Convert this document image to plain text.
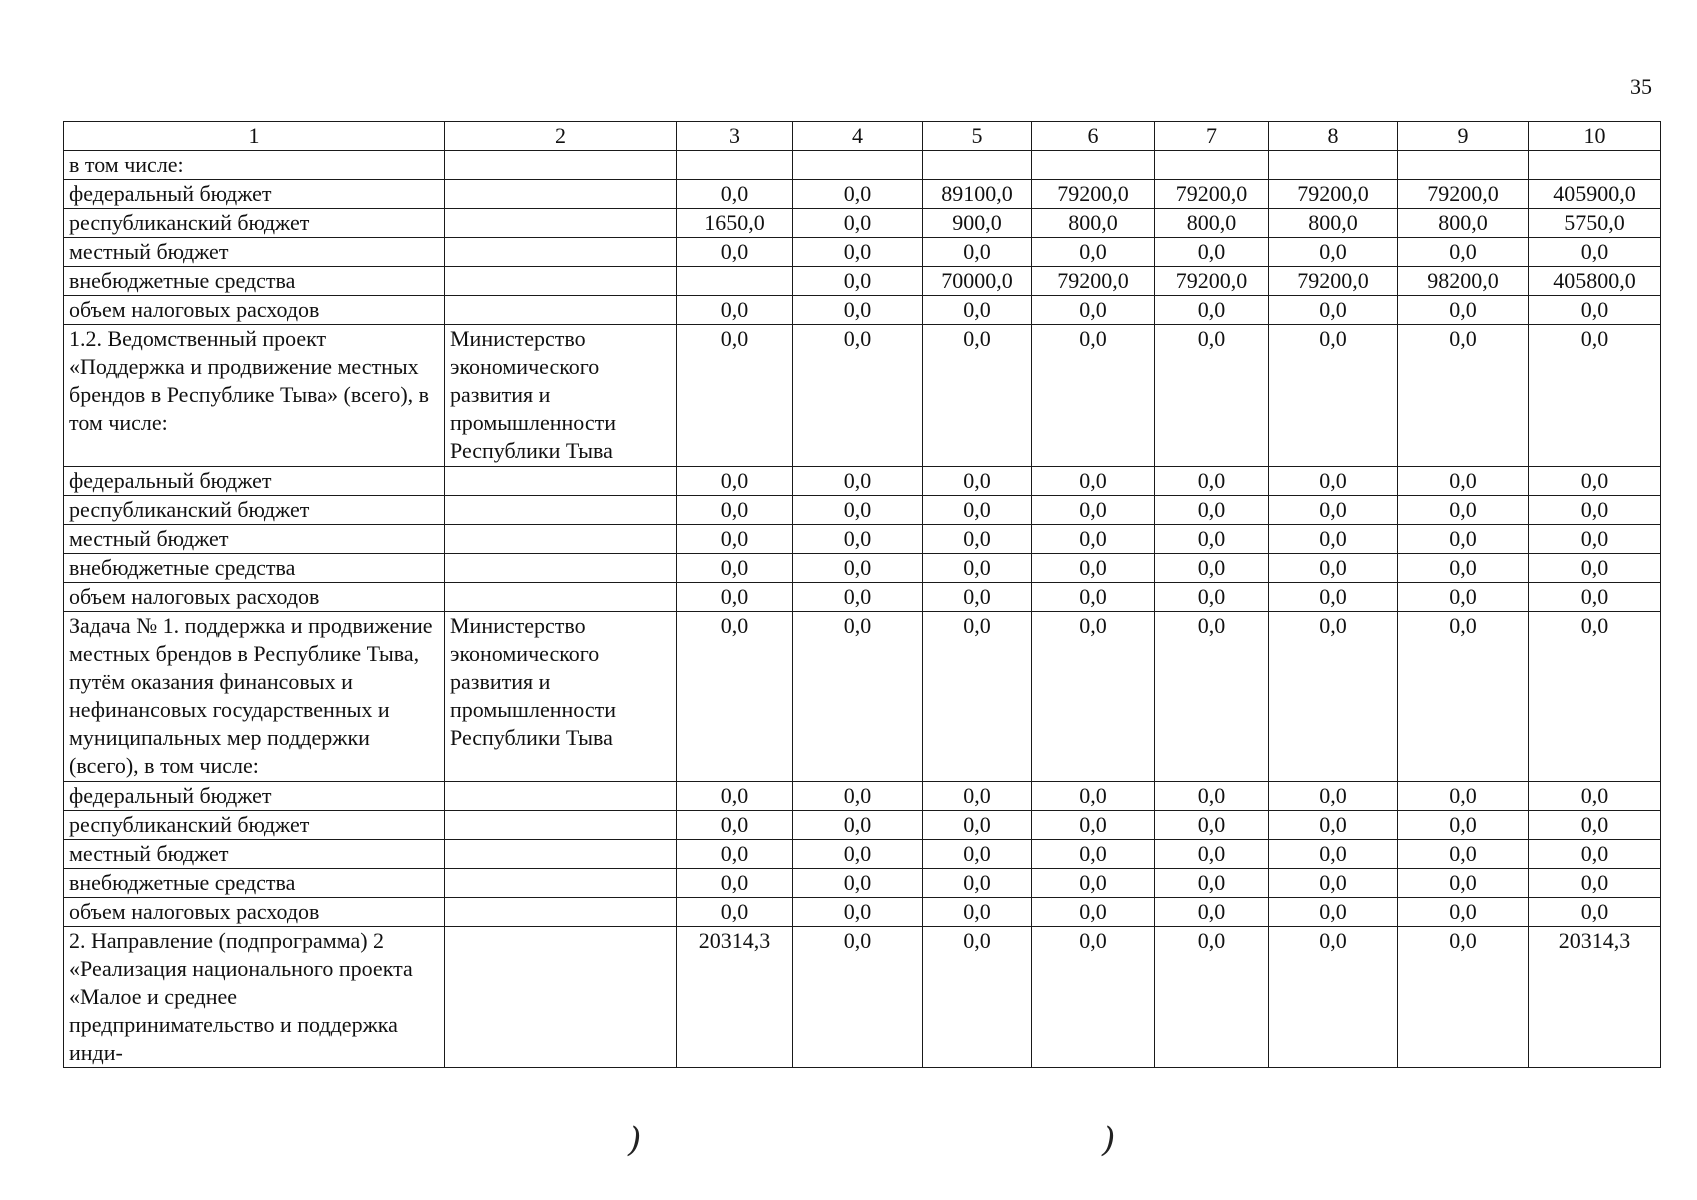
35
1	2	3	4	5	6	7	8	9	10
в том числе:									
федеральный бюджет		0,0	0,0	89100,0	79200,0	79200,0	79200,0	79200,0	405900,0
республиканский бюджет		1650,0	0,0	900,0	800,0	800,0	800,0	800,0	5750,0
местный бюджет		0,0	0,0	0,0	0,0	0,0	0,0	0,0	0,0
внебюджетные средства			0,0	70000,0	79200,0	79200,0	79200,0	98200,0	405800,0
объем налоговых расходов		0,0	0,0	0,0	0,0	0,0	0,0	0,0	0,0
1.2. Ведомственный проект «Поддержка и продвижение местных брендов в Республике Тыва» (всего), в том числе:	Министерство экономического развития и промышленности Республики Тыва	0,0	0,0	0,0	0,0	0,0	0,0	0,0	0,0
федеральный бюджет		0,0	0,0	0,0	0,0	0,0	0,0	0,0	0,0
республиканский бюджет		0,0	0,0	0,0	0,0	0,0	0,0	0,0	0,0
местный бюджет		0,0	0,0	0,0	0,0	0,0	0,0	0,0	0,0
внебюджетные средства		0,0	0,0	0,0	0,0	0,0	0,0	0,0	0,0
объем налоговых расходов		0,0	0,0	0,0	0,0	0,0	0,0	0,0	0,0
Задача № 1. поддержка и продвижение местных брендов в Республике Тыва, путём оказания финансовых и нефинансовых государственных и муниципальных мер поддержки (всего), в том числе:	Министерство экономического развития и промышленности Республики Тыва	0,0	0,0	0,0	0,0	0,0	0,0	0,0	0,0
федеральный бюджет		0,0	0,0	0,0	0,0	0,0	0,0	0,0	0,0
республиканский бюджет		0,0	0,0	0,0	0,0	0,0	0,0	0,0	0,0
местный бюджет		0,0	0,0	0,0	0,0	0,0	0,0	0,0	0,0
внебюджетные средства		0,0	0,0	0,0	0,0	0,0	0,0	0,0	0,0
объем налоговых расходов		0,0	0,0	0,0	0,0	0,0	0,0	0,0	0,0
2. Направление (подпрограмма) 2 «Реализация национального проекта «Малое и среднее предпринимательство и поддержка инди-		20314,3	0,0	0,0	0,0	0,0	0,0	0,0	20314,3
)	)
